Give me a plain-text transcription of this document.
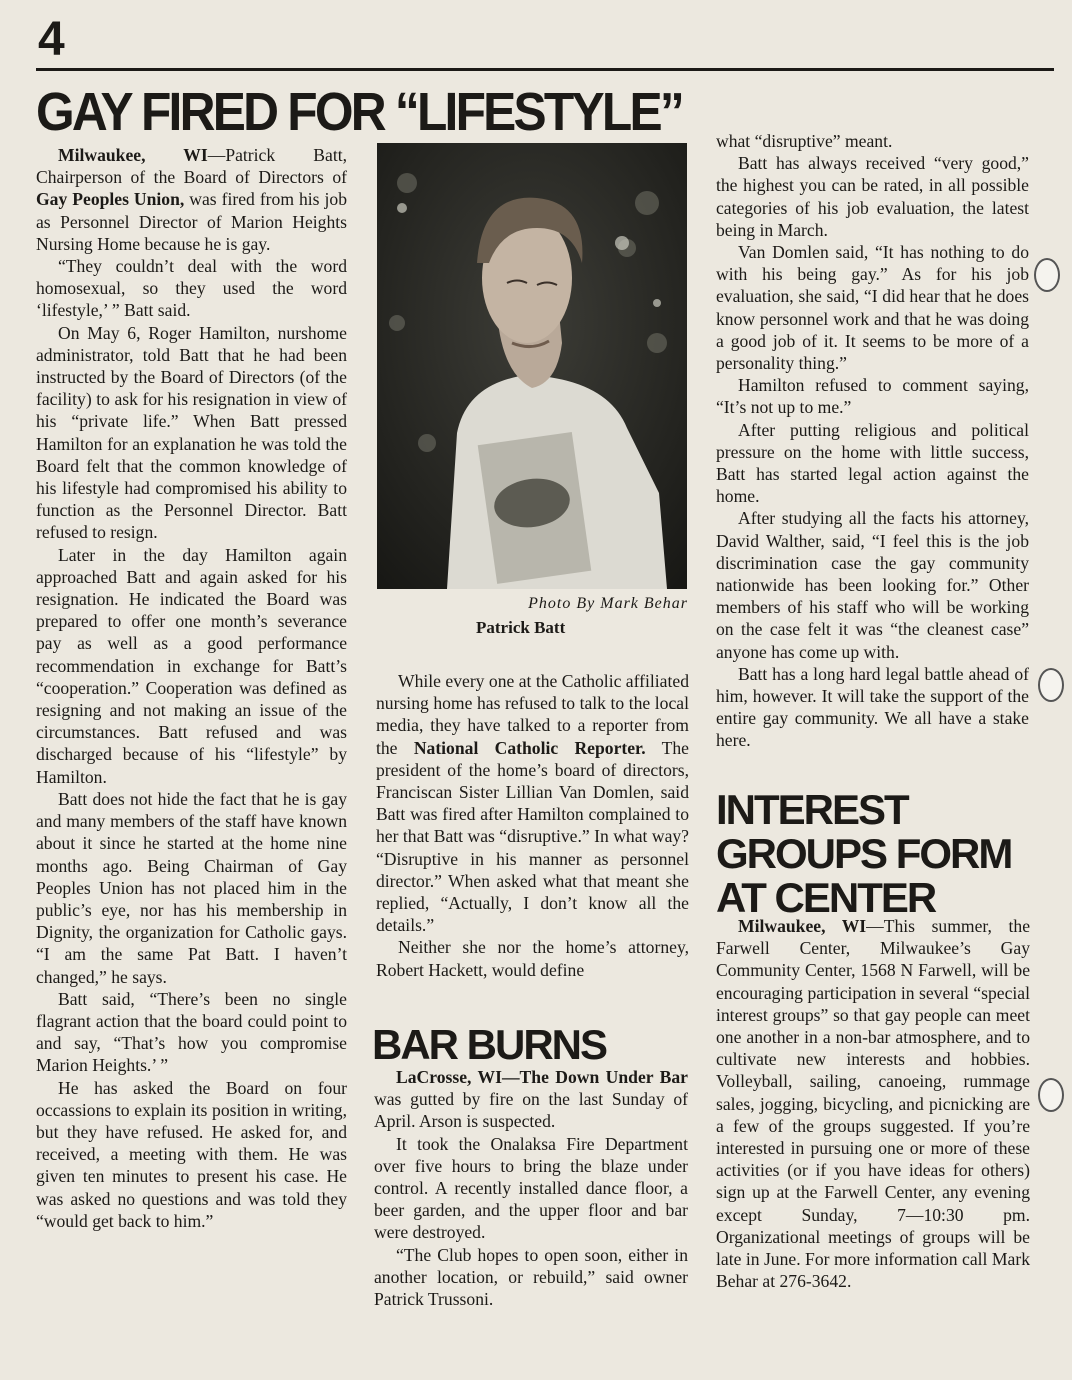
4
GAY FIRED FOR “LIFESTYLE”

Milwaukee, WI—Patrick Batt, Chairperson of the Board of Directors of Gay Peoples Union, was fired from his job as Personnel Director of Marion Heights Nursing Home because he is gay.

“They couldn’t deal with the word homosexual, so they used the word ‘lifestyle,’ ” Batt said.

On May 6, Roger Hamilton, nurshome administrator, told Batt that he had been instructed by the Board of Directors (of the facility) to ask for his resignation in view of his “private life.” When Batt pressed Hamilton for an explanation he was told the Board felt that the common knowledge of his lifestyle had compromised his ability to function as the Personnel Director. Batt refused to resign.

Later in the day Hamilton again approached Batt and again asked for his resignation. He indicated the Board was prepared to offer one month’s severance pay as well as a good performance recommendation in exchange for Batt’s “cooperation.” Cooperation was defined as resigning and not making an issue of the circumstances. Batt refused and was discharged because of his “lifestyle” by Hamilton.

Batt does not hide the fact that he is gay and many members of the staff have known about it since he started at the home nine months ago. Being Chairman of Gay Peoples Union has not placed him in the public’s eye, nor has his membership in Dignity, the organization for Catholic gays. “I am the same Pat Batt. I haven’t changed,” he says.

Batt said, “There’s been no single flagrant action that the board could point to and say, “That’s how you compromise Marion Heights.’ ”

He has asked the Board on four occassions to explain its position in writing, but they have refused. He asked for, and received, a meeting with them. He was given ten minutes to present his case. He was asked no questions and was told they “would get back to him.”

Photo By Mark Behar
Patrick Batt

While every one at the Catholic affiliated nursing home has refused to talk to the local media, they have talked to a reporter from the National Catholic Reporter. The president of the home’s board of directors, Franciscan Sister Lillian Van Domlen, said Batt was fired after Hamilton complained to her that Batt was “disruptive.” In what way? “Disruptive in his manner as personnel director.” When asked what that meant she replied, “Actually, I don’t know all the details.”

Neither she nor the home’s attorney, Robert Hackett, would define

BAR BURNS

LaCrosse, WI—The Down Under Bar was gutted by fire on the last Sunday of April. Arson is suspected.

It took the Onalaksa Fire Department over five hours to bring the blaze under control. A recently installed dance floor, a beer garden, and the upper floor and bar were destroyed.

“The Club hopes to open soon, either in another location, or rebuild,” said owner Patrick Trussoni.

what “disruptive” meant.

Batt has always received “very good,” the highest you can be rated, in all possible categories of his job evaluation, the latest being in March.

Van Domlen said, “It has nothing to do with his being gay.” As for his job evaluation, she said, “I did hear that he does know personnel work and that he was doing a good job of it. It seems to be more of a personality thing.”

Hamilton refused to comment saying, “It’s not up to me.”

After putting religious and political pressure on the home with little success, Batt has started legal action against the home.

After studying all the facts his attorney, David Walther, said, “I feel this is the job discrimination case the gay community nationwide has been looking for.” Other members of his staff who will be working on the case felt it was “the cleanest case” anyone has come up with.

Batt has a long hard legal battle ahead of him, however. It will take the support of the entire gay community. We all have a stake here.

INTEREST
GROUPS FORM
AT CENTER

Milwaukee, WI—This summer, the Farwell Center, Milwaukee’s Gay Community Center, 1568 N Farwell, will be encouraging participation in several “special interest groups” so that gay people can meet one another in a non-bar atmosphere, and to cultivate new interests and hobbies. Volleyball, sailing, canoeing, rummage sales, jogging, bicycling, and picnicking are a few of the groups suggested. If you’re interested in pursuing one or more of these activities (or if you have ideas for others) sign up at the Farwell Center, any evening except Sunday, 7—10:30 pm. Organizational meetings of groups will be late in June. For more information call Mark Behar at 276-3642.
